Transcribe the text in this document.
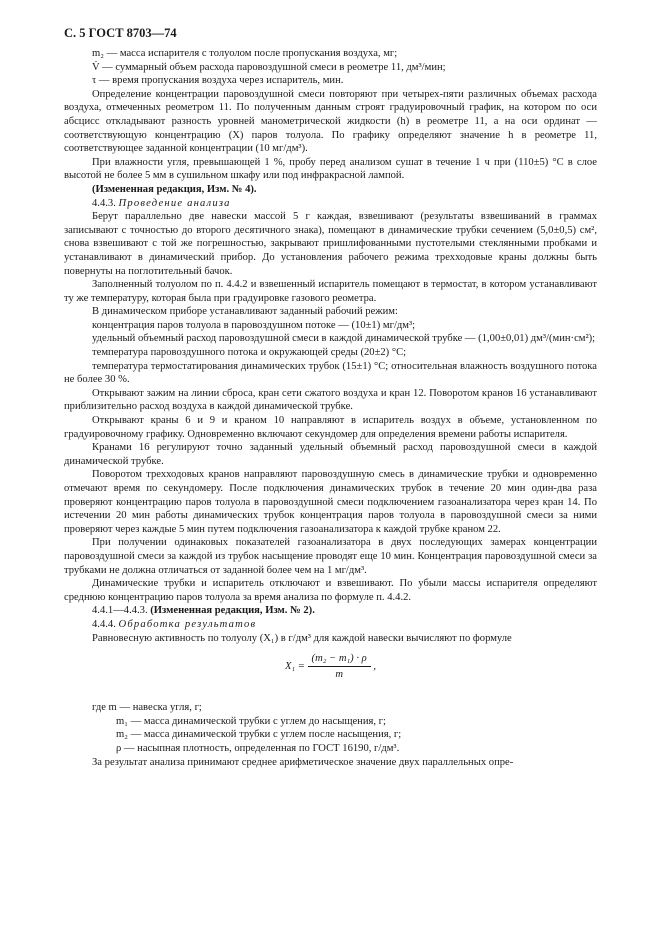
С. 5 ГОСТ 8703—74
m₂ — масса испарителя с толуолом после пропускания воздуха, мг;
V̇ — суммарный объем расхода паровоздушной смеси в реометре 11, дм³/мин;
τ — время пропускания воздуха через испаритель, мин.

Определение концентрации паровоздушной смеси повторяют при четырех-пяти различных объемах расхода воздуха, отмеченных реометром 11. По полученным данным строят градуировочный график, на котором по оси абсцисс откладывают разность уровней манометрической жидкости (h) в реометре 11, а на оси ординат — соответствующую концентрацию (X) паров толуола. По графику определяют значение h в реометре 11, соответствующее заданной концентрации (10 мг/дм³).

При влажности угля, превышающей 1 %, пробу перед анализом сушат в течение 1 ч при (110±5) °С в слое высотой не более 5 мм в сушильном шкафу или под инфракрасной лампой.

(Измененная редакция, Изм. № 4).

4.4.3. Проведение анализа

Берут параллельно две навески массой 5 г каждая, взвешивают (результаты взвешиваний в граммах записывают с точностью до второго десятичного знака), помещают в динамические трубки сечением (5,0±0,5) см², снова взвешивают с той же погрешностью, закрывают пришлифованными пустотелыми стеклянными пробками и устанавливают в динамический прибор. До установления рабочего режима трехходовые краны должны быть повернуты на поглотительный бачок.

Заполненный толуолом по п. 4.4.2 и взвешенный испаритель помещают в термостат, в котором устанавливают ту же температуру, которая была при градуировке газового реометра.

В динамическом приборе устанавливают заданный рабочий режим:

концентрация паров толуола в паровоздушном потоке — (10±1) мг/дм³;

удельный объемный расход паровоздушной смеси в каждой динамической трубке — (1,00±0,01) дм³/(мин·см²);

температура паровоздушного потока и окружающей среды (20±2) °С;

температура термостатирования динамических трубок (15±1) °С; относительная влажность воздушного потока не более 30 %.

Открывают зажим на линии сброса, кран сети сжатого воздуха и кран 12. Поворотом кранов 16 устанавливают приблизительно расход воздуха в каждой динамической трубке.

Открывают краны 6 и 9 и краном 10 направляют в испаритель воздух в объеме, установленном по градуировочному графику. Одновременно включают секундомер для определения времени работы испарителя.

Кранами 16 регулируют точно заданный удельный объемный расход паровоздушной смеси в каждой динамической трубке.

Поворотом трехходовых кранов направляют паровоздушную смесь в динамические трубки и одновременно отмечают время по секундомеру. После подключения динамических трубок в течение 20 мин один-два раза проверяют концентрацию паров толуола в паровоздушной смеси подключением газоанализатора через кран 14. По истечении 20 мин работы динамических трубок концентрация паров толуола в паровоздушной смеси за ними проверяют через каждые 5 мин путем подключения газоанализатора к каждой трубке краном 22.

При получении одинаковых показателей газоанализатора в двух последующих замерах концентрации паровоздушной смеси за каждой из трубок насыщение проводят еще 10 мин. Концентрация паровоздушной смеси за трубками не должна отличаться от заданной более чем на 1 мг/дм³.

Динамические трубки и испаритель отключают и взвешивают. По убыли массы испарителя определяют среднюю концентрацию паров толуола за время анализа по формуле п. 4.4.2.

4.4.1—4.4.3. (Измененная редакция, Изм. № 2).

4.4.4. Обработка результатов

Равновесную активность по толуолу (X₁) в г/дм³ для каждой навески вычисляют по формуле

$X_1 = \frac{\text{(m₂ − m₁) · ρ}}{m}$ ,
где m — навеска угля, г;
m₁ — масса динамической трубки с углем до насыщения, г;
m₂ — масса динамической трубки с углем после насыщения, г;
ρ — насыпная плотность, определенная по ГОСТ 16190, г/дм³.

За результат анализа принимают среднее арифметическое значение двух параллельных опре-
